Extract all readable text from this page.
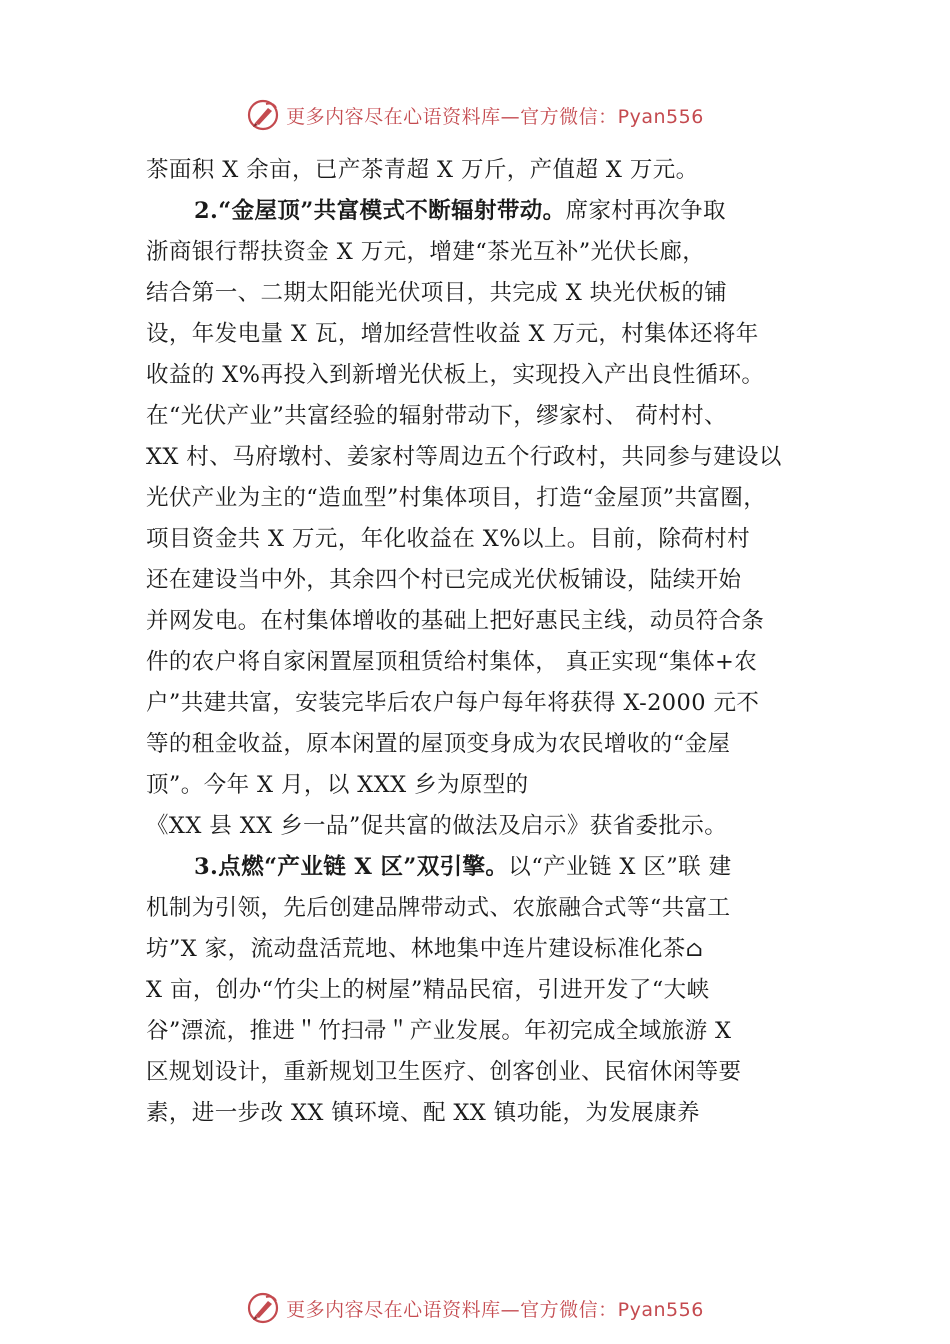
更多内容尽在心语资料库—官方微信：Pyan556
茶面积 X 余亩，已产茶青超 X 万斤，产值超 X 万元。
2.“金屋顶”共富模式不断辐射带动。席家村再次争取
浙商银行帮扶资金 X 万元，增建“茶光互补”光伏长廊，
结合第一、二期太阳能光伏项目，共完成 X 块光伏板的铺
设，年发电量 X 瓦，增加经营性收益 X 万元，村集体还将年
收益的 X%再投入到新增光伏板上，实现投入产出良性循环。
在“光伏产业”共富经验的辐射带动下，缪家村、 荷村村、
XX 村、马府墩村、姜家村等周边五个行政村，共同参与建设以
光伏产业为主的“造血型”村集体项目，打造“金屋顶”共富圈，
项目资金共 X 万元，年化收益在 X%以上。目前，除荷村村
还在建设当中外，其余四个村已完成光伏板铺设，陆续开始
并网发电。在村集体增收的基础上把好惠民主线，动员符合条
件的农户将自家闲置屋顶租赁给村集体， 真正实现“集体+农
户”共建共富，安装完毕后农户每户每年将获得 X-2000 元不
等的租金收益，原本闲置的屋顶变身成为农民增收的“金屋
顶”。今年 X 月，以 XXX 乡为原型的
《XX 县 XX 乡一品”促共富的做法及启示》获省委批示。
3.点燃“产业链 X 区”双引擎。以“产业链 X 区”联 建
机制为引领，先后创建品牌带动式、农旅融合式等“共富工
坊”X 家，流动盘活荒地、林地集中连片建设标准化茶⌂
X 亩，创办“竹尖上的树屋”精品民宿，引进开发了“大峡
谷”漂流，推进＂竹扫帚＂产业发展。年初完成全域旅游 X
区规划设计，重新规划卫生医疗、创客创业、民宿休闲等要
素，进一步改 XX 镇环境、配 XX 镇功能，为发展康养
更多内容尽在心语资料库—官方微信：Pyan556
